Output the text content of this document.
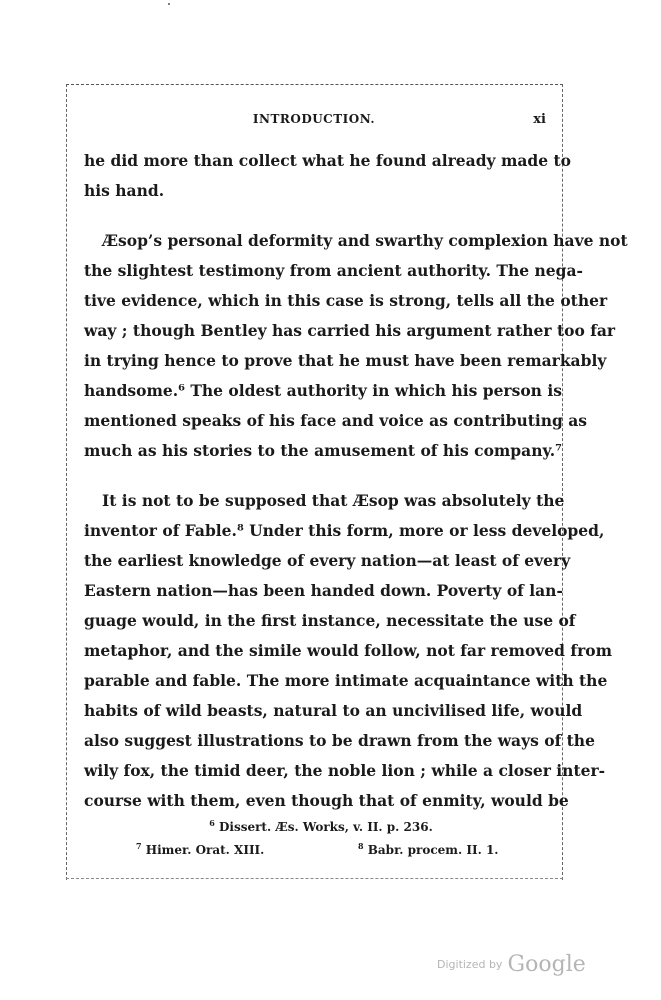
INTRODUCTION.	xi
he did more than collect what he found already made to
his hand.
Æsop’s personal deformity and swarthy complexion have not
the slightest testimony from ancient authority. The nega-
tive evidence, which in this case is strong, tells all the other
way ; though Bentley has carried his argument rather too far
in trying hence to prove that he must have been remarkably
handsome.⁶ The oldest authority in which his person is
mentioned speaks of his face and voice as contributing as
much as his stories to the amusement of his company.⁷
It is not to be supposed that Æsop was absolutely the
inventor of Fable.⁸ Under this form, more or less developed,
the earliest knowledge of every nation—at least of every
Eastern nation—has been handed down. Poverty of lan-
guage would, in the first instance, necessitate the use of
metaphor, and the simile would follow, not far removed from
parable and fable. The more intimate acquaintance with the
habits of wild beasts, natural to an uncivilised life, would
also suggest illustrations to be drawn from the ways of the
wily fox, the timid deer, the noble lion ; while a closer inter-
course with them, even though that of enmity, would be
$^6$ Dissert. Æs. Works, v. II. p. 236.
$^7$ Himer. Orat. XIII.	$^8$ Babr. procem. II. 1.
Digitized by Google
